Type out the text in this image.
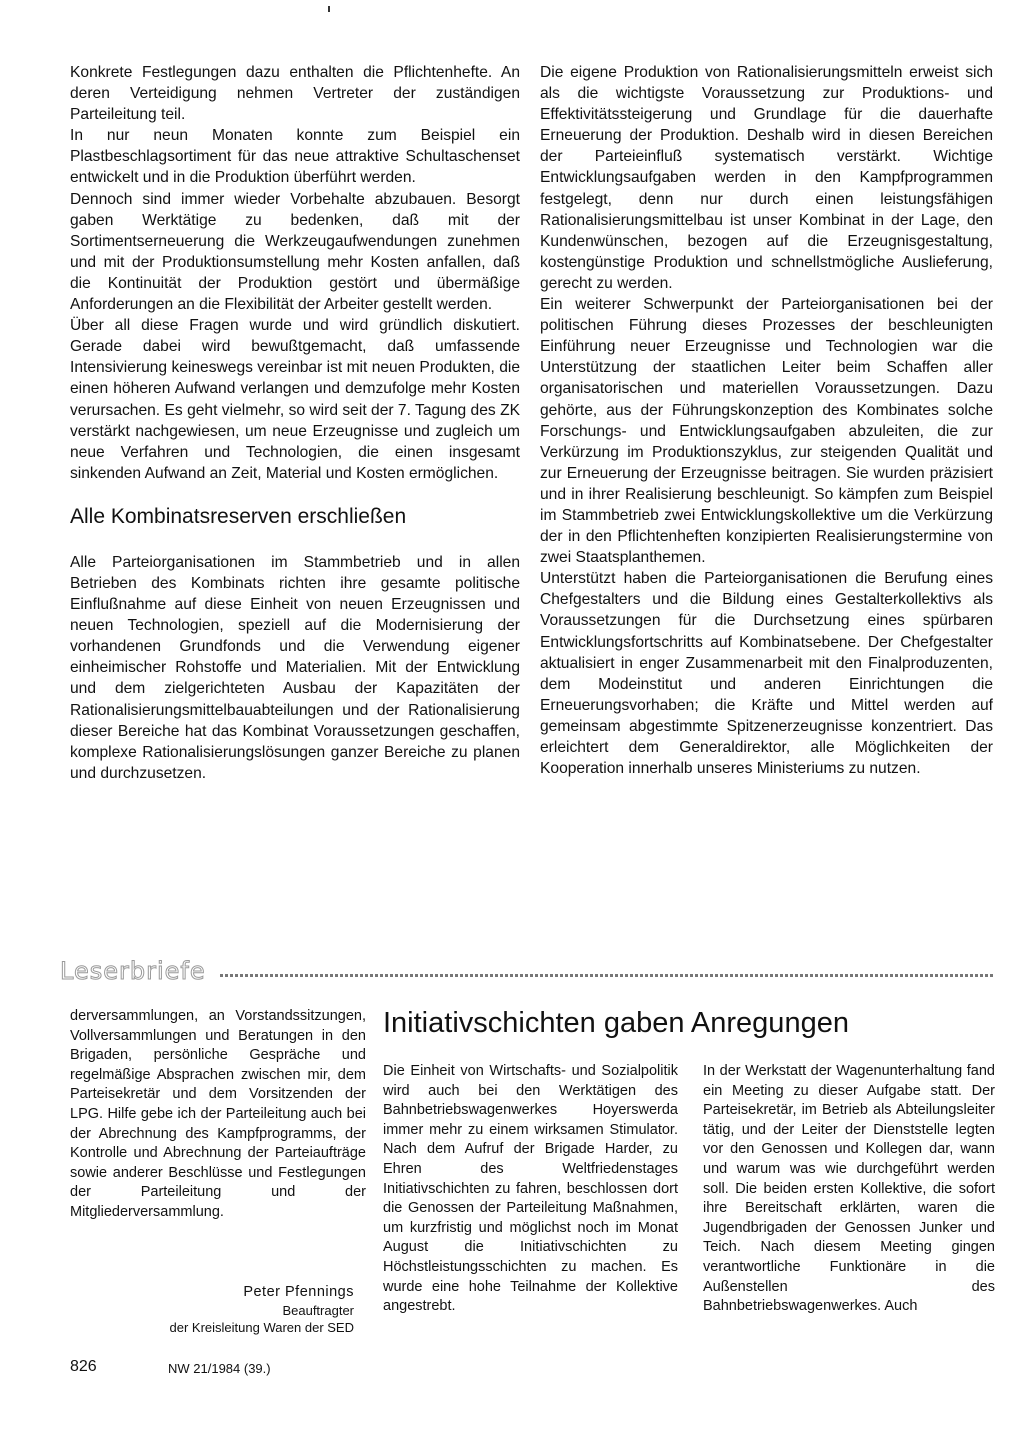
Konkrete Festlegungen dazu enthalten die Pflichtenhefte. An deren Verteidigung nehmen Vertreter der zuständigen Parteileitung teil.

In nur neun Monaten konnte zum Beispiel ein Plastbeschlagsortiment für das neue attraktive Schultaschenset entwickelt und in die Produktion überführt werden.

Dennoch sind immer wieder Vorbehalte abzubauen. Besorgt gaben Werktätige zu bedenken, daß mit der Sortimentserneuerung die Werkzeugaufwendungen zunehmen und mit der Produktionsumstellung mehr Kosten anfallen, daß die Kontinuität der Produktion gestört und übermäßige Anforderungen an die Flexibilität der Arbeiter gestellt werden.

Über all diese Fragen wurde und wird gründlich diskutiert. Gerade dabei wird bewußtgemacht, daß umfassende Intensivierung keineswegs vereinbar ist mit neuen Produkten, die einen höheren Aufwand verlangen und demzufolge mehr Kosten verursachen. Es geht vielmehr, so wird seit der 7. Tagung des ZK verstärkt nachgewiesen, um neue Erzeugnisse und zugleich um neue Verfahren und Technologien, die einen insgesamt sinkenden Aufwand an Zeit, Material und Kosten ermöglichen.

Alle Kombinatsreserven erschließen

Alle Parteiorganisationen im Stammbetrieb und in allen Betrieben des Kombinats richten ihre gesamte politische Einflußnahme auf diese Einheit von neuen Erzeugnissen und neuen Technologien, speziell auf die Modernisierung der vorhandenen Grundfonds und die Verwendung eigener einheimischer Rohstoffe und Materialien. Mit der Entwicklung und dem zielgerichteten Ausbau der Kapazitäten der Rationalisierungsmittelbauabteilungen und der Rationalisierung dieser Bereiche hat das Kombinat Voraussetzungen geschaffen, komplexe Rationalisierungslösungen ganzer Bereiche zu planen und durchzusetzen.

Die eigene Produktion von Rationalisierungsmitteln erweist sich als die wichtigste Voraussetzung zur Produktions- und Effektivitätssteigerung und Grundlage für die dauerhafte Erneuerung der Produktion. Deshalb wird in diesen Bereichen der Parteieinfluß systematisch verstärkt. Wichtige Entwicklungsaufgaben werden in den Kampfprogrammen festgelegt, denn nur durch einen leistungsfähigen Rationalisierungsmittelbau ist unser Kombinat in der Lage, den Kundenwünschen, bezogen auf die Erzeugnisgestaltung, kostengünstige Produktion und schnellstmögliche Auslieferung, gerecht zu werden.

Ein weiterer Schwerpunkt der Parteiorganisationen bei der politischen Führung dieses Prozesses der beschleunigten Einführung neuer Erzeugnisse und Technologien war die Unterstützung der staatlichen Leiter beim Schaffen aller organisatorischen und materiellen Voraussetzungen. Dazu gehörte, aus der Führungskonzeption des Kombinates solche Forschungs- und Entwicklungsaufgaben abzuleiten, die zur Verkürzung im Produktionszyklus, zur steigenden Qualität und zur Erneuerung der Erzeugnisse beitragen. Sie wurden präzisiert und in ihrer Realisierung beschleunigt. So kämpfen zum Beispiel im Stammbetrieb zwei Entwicklungskollektive um die Verkürzung der in den Pflichtenheften konzipierten Realisierungstermine von zwei Staatsplanthemen.

Unterstützt haben die Parteiorganisationen die Berufung eines Chefgestalters und die Bildung eines Gestalterkollektivs als Voraussetzungen für die Durchsetzung eines spürbaren Entwicklungsfortschritts auf Kombinatsebene. Der Chefgestalter aktualisiert in enger Zusammenarbeit mit den Finalproduzenten, dem Modeinstitut und anderen Einrichtungen die Erneuerungsvorhaben; die Kräfte und Mittel werden auf gemeinsam abgestimmte Spitzenerzeugnisse konzentriert. Das erleichtert dem Generaldirektor, alle Möglichkeiten der Kooperation innerhalb unseres Ministeriums zu nutzen.

Leserbriefe

derversammlungen, an Vorstandssitzungen, Vollversammlungen und Beratungen in den Brigaden, persönliche Gespräche und regelmäßige Absprachen zwischen mir, dem Parteisekretär und dem Vorsitzenden der LPG. Hilfe gebe ich der Parteileitung auch bei der Abrechnung des Kampfprogramms, der Kontrolle und Abrechnung der Parteiaufträge sowie anderer Beschlüsse und Festlegungen der Parteileitung und der Mitgliederversammlung.

Peter Pfennings
Beauftragter
der Kreisleitung Waren der SED
Initiativschichten gaben Anregungen

Die Einheit von Wirtschafts- und Sozialpolitik wird auch bei den Werktätigen des Bahnbetriebswagenwerkes Hoyerswerda immer mehr zu einem wirksamen Stimulator. Nach dem Aufruf der Brigade Harder, zu Ehren des Weltfriedenstages Initiativschichten zu fahren, beschlossen dort die Genossen der Parteileitung Maßnahmen, um kurzfristig und möglichst noch im Monat August die Initiativschichten zu Höchstleistungsschichten zu machen. Es wurde eine hohe Teilnahme der Kollektive angestrebt.

In der Werkstatt der Wagenunterhaltung fand ein Meeting zu dieser Aufgabe statt. Der Parteisekretär, im Betrieb als Abteilungsleiter tätig, und der Leiter der Dienststelle legten vor den Genossen und Kollegen dar, wann und warum was wie durchgeführt werden soll. Die beiden ersten Kollektive, die sofort ihre Bereitschaft erklärten, waren die Jugendbrigaden der Genossen Junker und Teich. Nach diesem Meeting gingen verantwortliche Funktionäre in die Außenstellen des Bahnbetriebswagenwerkes. Auch

826	NW 21/1984 (39.)
